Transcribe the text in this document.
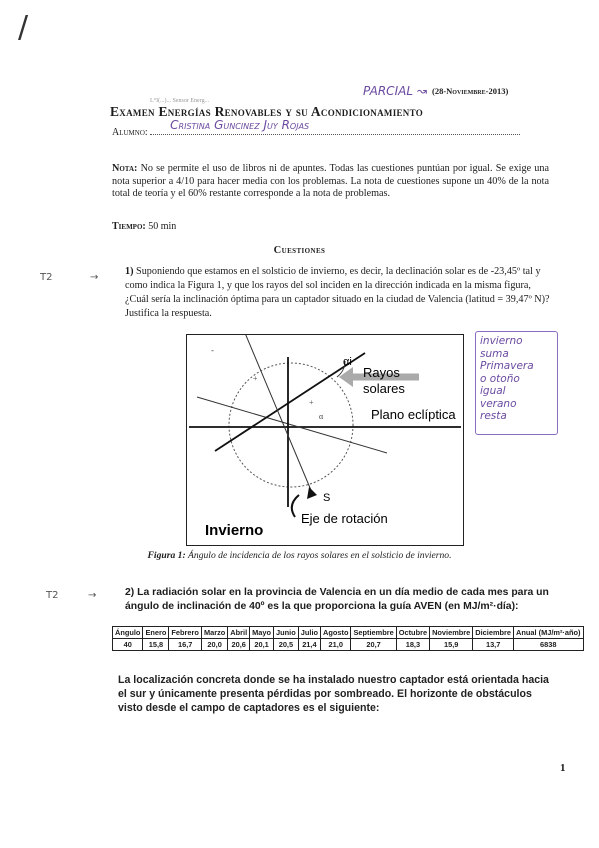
/
L°I(...)... Sensor Energ...
PARCIAL ↝ (28-Noviembre-2013)
Examen Energías Renovables y su Acondicionamiento
Alumno:
Cristina Guncinez Juy Rojas
Nota: No se permite el uso de libros ni de apuntes. Todas las cuestiones puntúan por igual. Se exige una nota superior a 4/10 para hacer media con los problemas. La nota de cuestiones supone un 40% de la nota total de teoría y el 60% restante corresponde a la nota de problemas.
Tiempo: 50 min
Cuestiones
T2	→
1) Suponiendo que estamos en el solsticio de invierno, es decir, la declinación solar es de -23,45º tal y como indica la Figura 1, y que los rayos del sol inciden en la dirección indicada en la misma figura, ¿Cuál sería la inclinación óptima para un captador situado en la ciudad de Valencia (latitud = 39,47º N)? Justifica la respuesta.
+
+
α
S
αi
Rayos
solares
Plano eclíptica
Eje de rotación
Invierno
-
Figura 1: Ángulo de incidencia de los rayos solares en el solsticio de invierno.
invierno
suma
Primavera
o otoño
igual
verano
resta
T2	→	2) La radiación solar en la provincia de Valencia en un día medio de cada mes para un ángulo de inclinación de 40º es la que proporciona la guía AVEN (en MJ/m²·día):
Ángulo	Enero	Febrero	Marzo	Abril	Mayo	Junio	Julio	Agosto	Septiembre	Octubre	Noviembre	Diciembre	Anual (MJ/m²·año)
40	15,8	16,7	20,0	20,6	20,1	20,5	21,4	21,0	20,7	18,3	15,9	13,7	6838
La localización concreta donde se ha instalado nuestro captador está orientada hacia el sur y únicamente presenta pérdidas por sombreado. El horizonte de obstáculos visto desde el campo de captadores es el siguiente:
1
